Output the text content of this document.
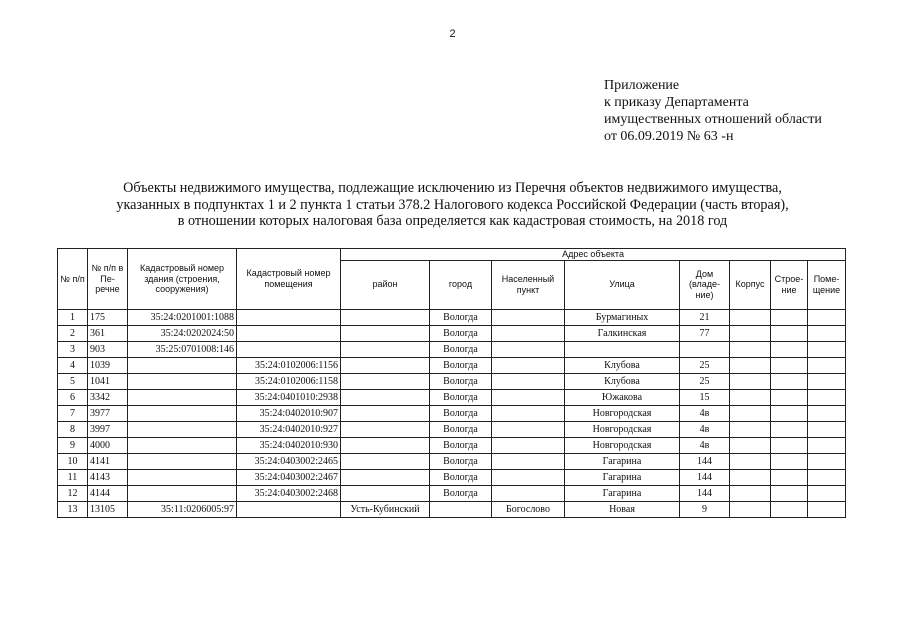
2
Приложение
к приказу Департамента
имущественных отношений области
от 06.09.2019 № 63 -н
Объекты недвижимого имущества, подлежащие исключению из Перечня объектов недвижимого имущества,
указанных в подпунктах 1 и 2 пункта 1 статьи 378.2 Налогового кодекса Российской Федерации (часть вторая),
в отношении которых налоговая база определяется как кадастровая стоимость, на 2018 год
№ п/п	№ п/п в Перечне	Кадастровый номер здания (строения, сооружения)	Кадастровый номер помещения	Адрес объекта							
				район	город	Населенный пункт	Улица	Дом (владение)	Корпус	Строение	Помещение
1	175	35:24:0201001:1088			Вологда		Бурмагиных	21			
2	361	35:24:0202024:50			Вологда		Галкинская	77			
3	903	35:25:0701008:146			Вологда						
4	1039		35:24:0102006:1156		Вологда		Клубова	25			
5	1041		35:24:0102006:1158		Вологда		Клубова	25			
6	3342		35:24:0401010:2938		Вологда		Южакова	15			
7	3977		35:24:0402010:907		Вологда		Новгородская	4в			
8	3997		35:24:0402010:927		Вологда		Новгородская	4в			
9	4000		35:24:0402010:930		Вологда		Новгородская	4в			
10	4141		35:24:0403002:2465		Вологда		Гагарина	144			
11	4143		35:24:0403002:2467		Вологда		Гагарина	144			
12	4144		35:24:0403002:2468		Вологда		Гагарина	144			
13	13105	35:11:0206005:97		Усть-Кубинский		Богослово	Новая	9			
